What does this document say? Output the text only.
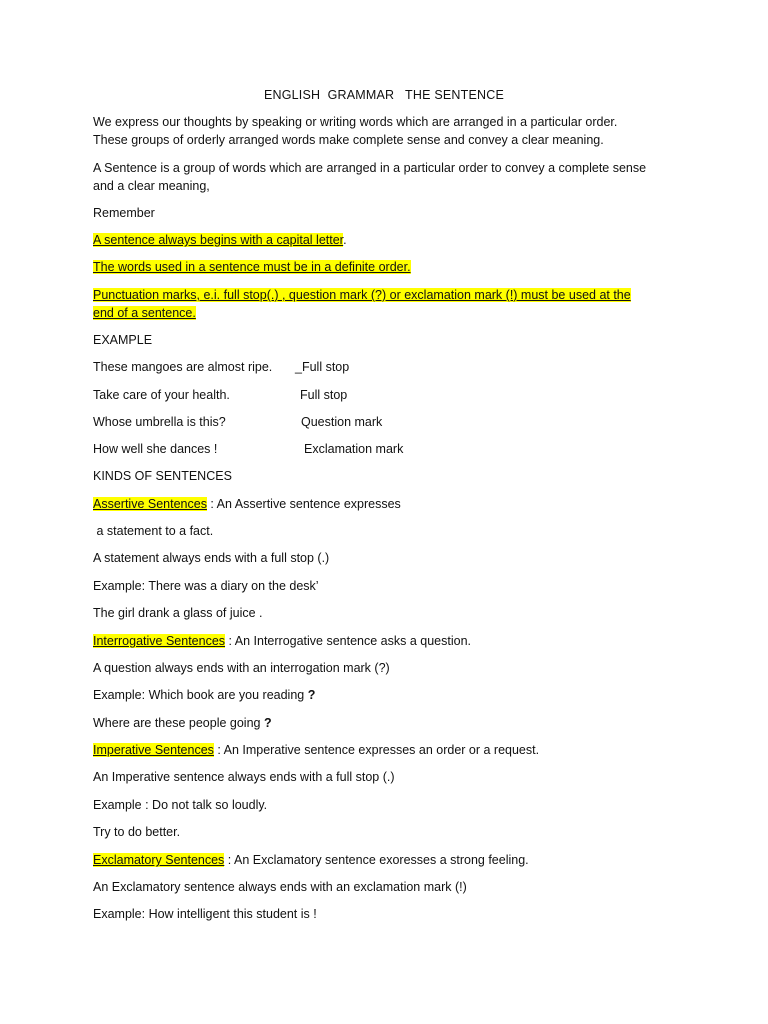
ENGLISH  GRAMMAR   THE SENTENCE
We express our thoughts by speaking or writing words which are arranged in a particular order.
These groups of orderly arranged words make complete sense and convey a clear meaning.
A Sentence is a group of words which are arranged in a particular order to convey a complete sense
and a clear meaning,
Remember
A sentence always begins with a capital letter.
The words used in a sentence must be in a definite order.
Punctuation marks, e.i. full stop(.) , question mark (?) or exclamation mark (!) must be used at the
end of a sentence.
EXAMPLE
These mangoes are almost ripe. _Full stop
Take care of your health.	Full stop
Whose umbrella is this?	Question mark
How well she dances !	Exclamation mark
KINDS OF SENTENCES
Assertive Sentences : An Assertive sentence expresses
a statement to a fact.
A statement always ends with a full stop (.)
Example: There was a diary on the desk’
The girl drank a glass of juice .
Interrogative Sentences : An Interrogative sentence asks a question.
A question always ends with an interrogation mark (?)
Example: Which book are you reading ?
Where are these people going ?
Imperative Sentences : An Imperative sentence expresses an order or a request.
An Imperative sentence always ends with a full stop (.)
Example : Do not talk so loudly.
Try to do better.
Exclamatory Sentences : An Exclamatory sentence exoresses a strong feeling.
An Exclamatory sentence always ends with an exclamation mark (!)
Example: How intelligent this student is !
